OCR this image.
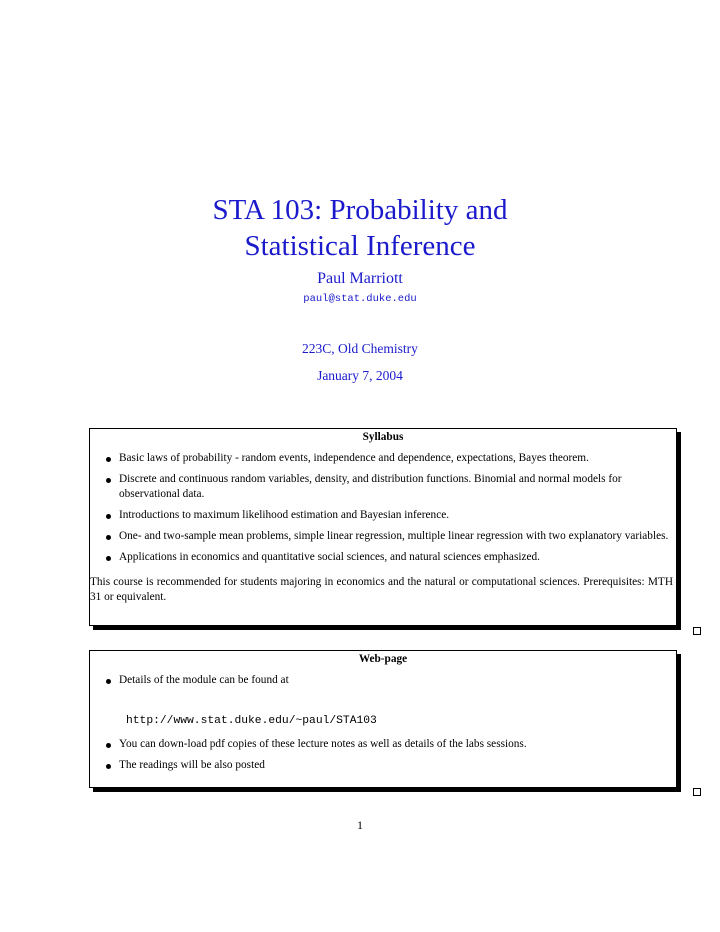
STA 103: Probability and
Statistical Inference
Paul Marriott
paul@stat.duke.edu
223C, Old Chemistry
January 7, 2004
Syllabus
Basic laws of probability - random events, independence and dependence, expectations, Bayes theorem.
Discrete and continuous random variables, density, and distribution functions. Binomial and normal models for observational data.
Introductions to maximum likelihood estimation and Bayesian inference.
One- and two-sample mean problems, simple linear regression, multiple linear regression with two explanatory variables.
Applications in economics and quantitative social sciences, and natural sciences emphasized.
This course is recommended for students majoring in economics and the natural or computational sciences. Prerequisites: MTH 31 or equivalent.
Web-page
Details of the module can be found at
http://www.stat.duke.edu/~paul/STA103
You can down-load pdf copies of these lecture notes as well as details of the labs sessions.
The readings will be also posted
1
